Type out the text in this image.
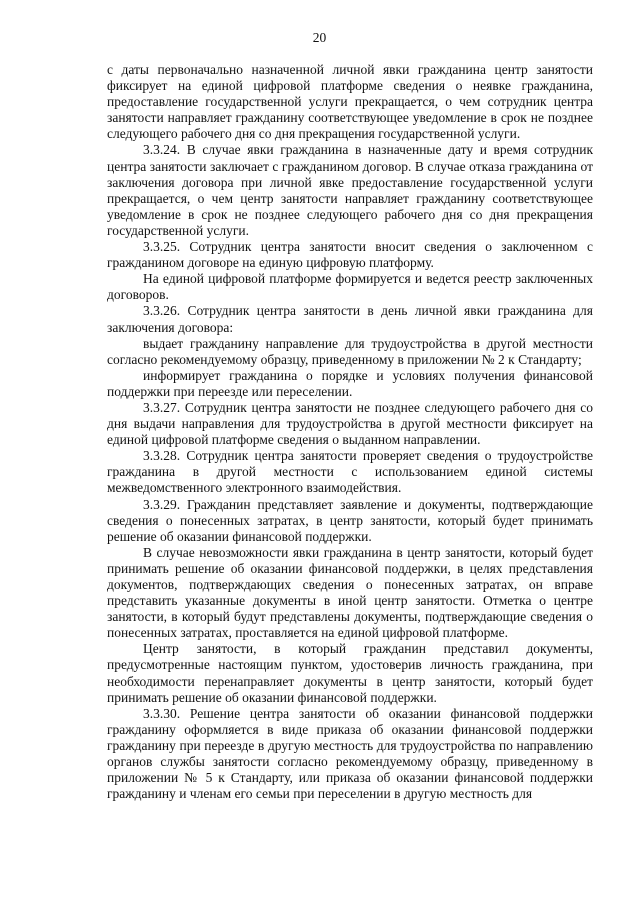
20

с даты первоначально назначенной личной явки гражданина центр занятости фиксирует на единой цифровой платформе сведения о неявке гражданина, предоставление государственной услуги прекращается, о чем сотрудник центра занятости направляет гражданину соответствующее уведомление в срок не позднее следующего рабочего дня со дня прекращения государственной услуги.

3.3.24. В случае явки гражданина в назначенные дату и время сотрудник центра занятости заключает с гражданином договор. В случае отказа гражданина от заключения договора при личной явке предоставление государственной услуги прекращается, о чем центр занятости направляет гражданину соответствующее уведомление в срок не позднее следующего рабочего дня со дня прекращения государственной услуги.

3.3.25. Сотрудник центра занятости вносит сведения о заключенном с гражданином договоре на единую цифровую платформу.

На единой цифровой платформе формируется и ведется реестр заключенных договоров.

3.3.26. Сотрудник центра занятости в день личной явки гражданина для заключения договора:

выдает гражданину направление для трудоустройства в другой местности согласно рекомендуемому образцу, приведенному в приложении № 2 к Стандарту;

информирует гражданина о порядке и условиях получения финансовой поддержки при переезде или переселении.

3.3.27. Сотрудник центра занятости не позднее следующего рабочего дня со дня выдачи направления для трудоустройства в другой местности фиксирует на единой цифровой платформе сведения о выданном направлении.

3.3.28. Сотрудник центра занятости проверяет сведения о трудоустройстве гражданина в другой местности с использованием единой системы межведомственного электронного взаимодействия.

3.3.29. Гражданин представляет заявление и документы, подтверждающие сведения о понесенных затратах, в центр занятости, который будет принимать решение об оказании финансовой поддержки.

В случае невозможности явки гражданина в центр занятости, который будет принимать решение об оказании финансовой поддержки, в целях представления документов, подтверждающих сведения о понесенных затратах, он вправе представить указанные документы в иной центр занятости. Отметка о центре занятости, в который будут представлены документы, подтверждающие сведения о понесенных затратах, проставляется на единой цифровой платформе.

Центр занятости, в который гражданин представил документы, предусмотренные настоящим пунктом, удостоверив личность гражданина, при необходимости перенаправляет документы в центр занятости, который будет принимать решение об оказании финансовой поддержки.

3.3.30. Решение центра занятости об оказании финансовой поддержки гражданину оформляется в виде приказа об оказании финансовой поддержки гражданину при переезде в другую местность для трудоустройства по направлению органов службы занятости согласно рекомендуемому образцу, приведенному в приложении № 5 к Стандарту, или приказа об оказании финансовой поддержки гражданину и членам его семьи при переселении в другую местность для
